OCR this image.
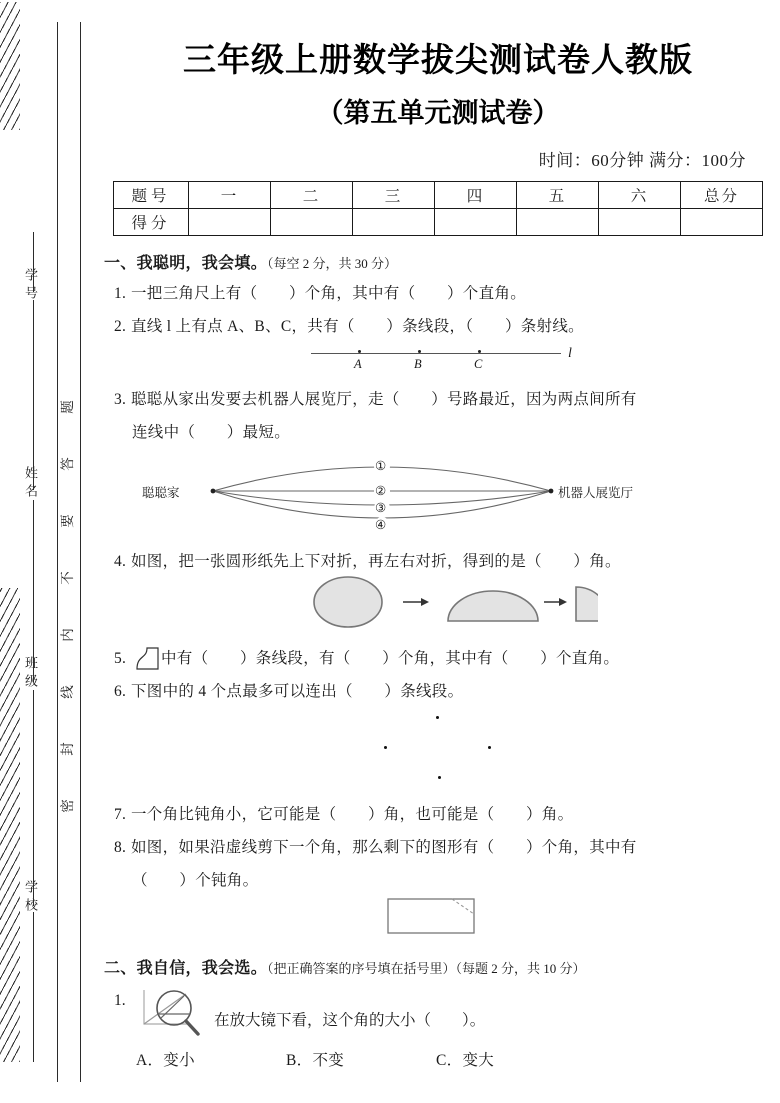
题
答
要
不
内
线
封
密
学号
姓名
班级
学校
三年级上册数学拔尖测试卷人教版
（第五单元测试卷）
时间：60分钟 满分：100分
题号	一	二	三	四	五	六	总分
得分							
一、我聪明，我会填。（每空 2 分，共 30 分）
1. 一把三角尺上有（　　）个角，其中有（　　）个直角。
2. 直线 l 上有点 A、B、C，共有（　　）条线段，（　　）条射线。
A	B	C
l
3. 聪聪从家出发要去机器人展览厅，走（　　）号路最近，因为两点间所有
连线中（　　）最短。
聪聪家	机器人展览厅
①
②
③
④
4. 如图，把一张圆形纸先上下对折，再左右对折，得到的是（　　）角。
5. 中有（　　）条线段，有（　　）个角，其中有（　　）个直角。
6. 下图中的 4 个点最多可以连出（　　）条线段。
7. 一个角比钝角小，它可能是（　　）角，也可能是（　　）角。
8. 如图，如果沿虚线剪下一个角，那么剩下的图形有（　　）个角，其中有
（　　）个钝角。
二、我自信，我会选。（把正确答案的序号填在括号里）（每题 2 分，共 10 分）
1.
在放大镜下看，这个角的大小（　　）。
A．变小	B．不变	C．变大
